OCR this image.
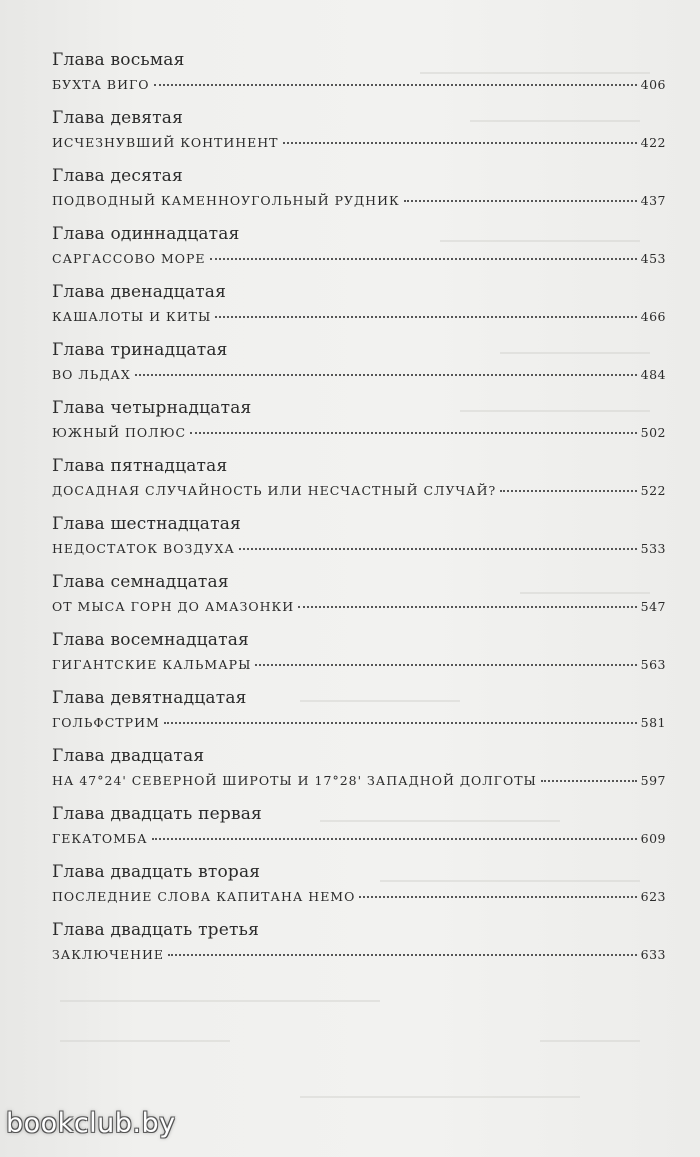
Глава восьмая
БУХТА ВИГО	406
Глава девятая
ИСЧЕЗНУВШИЙ КОНТИНЕНТ	422
Глава десятая
ПОДВОДНЫЙ КАМЕННОУГОЛЬНЫЙ РУДНИК	437
Глава одиннадцатая
САРГАССОВО МОРЕ	453
Глава двенадцатая
КАШАЛОТЫ И КИТЫ	466
Глава тринадцатая
ВО ЛЬДАХ	484
Глава четырнадцатая
ЮЖНЫЙ ПОЛЮС	502
Глава пятнадцатая
ДОСАДНАЯ СЛУЧАЙНОСТЬ ИЛИ НЕСЧАСТНЫЙ СЛУЧАЙ?	522
Глава шестнадцатая
НЕДОСТАТОК ВОЗДУХА	533
Глава семнадцатая
ОТ МЫСА ГОРН ДО АМАЗОНКИ	547
Глава восемнадцатая
ГИГАНТСКИЕ КАЛЬМАРЫ	563
Глава девятнадцатая
ГОЛЬФСТРИМ	581
Глава двадцатая
НА 47°24' СЕВЕРНОЙ ШИРОТЫ И 17°28' ЗАПАДНОЙ ДОЛГОТЫ	597
Глава двадцать первая
ГЕКАТОМБА	609
Глава двадцать вторая
ПОСЛЕДНИЕ СЛОВА КАПИТАНА НЕМО	623
Глава двадцать третья
ЗАКЛЮЧЕНИЕ	633
bookclub.by
